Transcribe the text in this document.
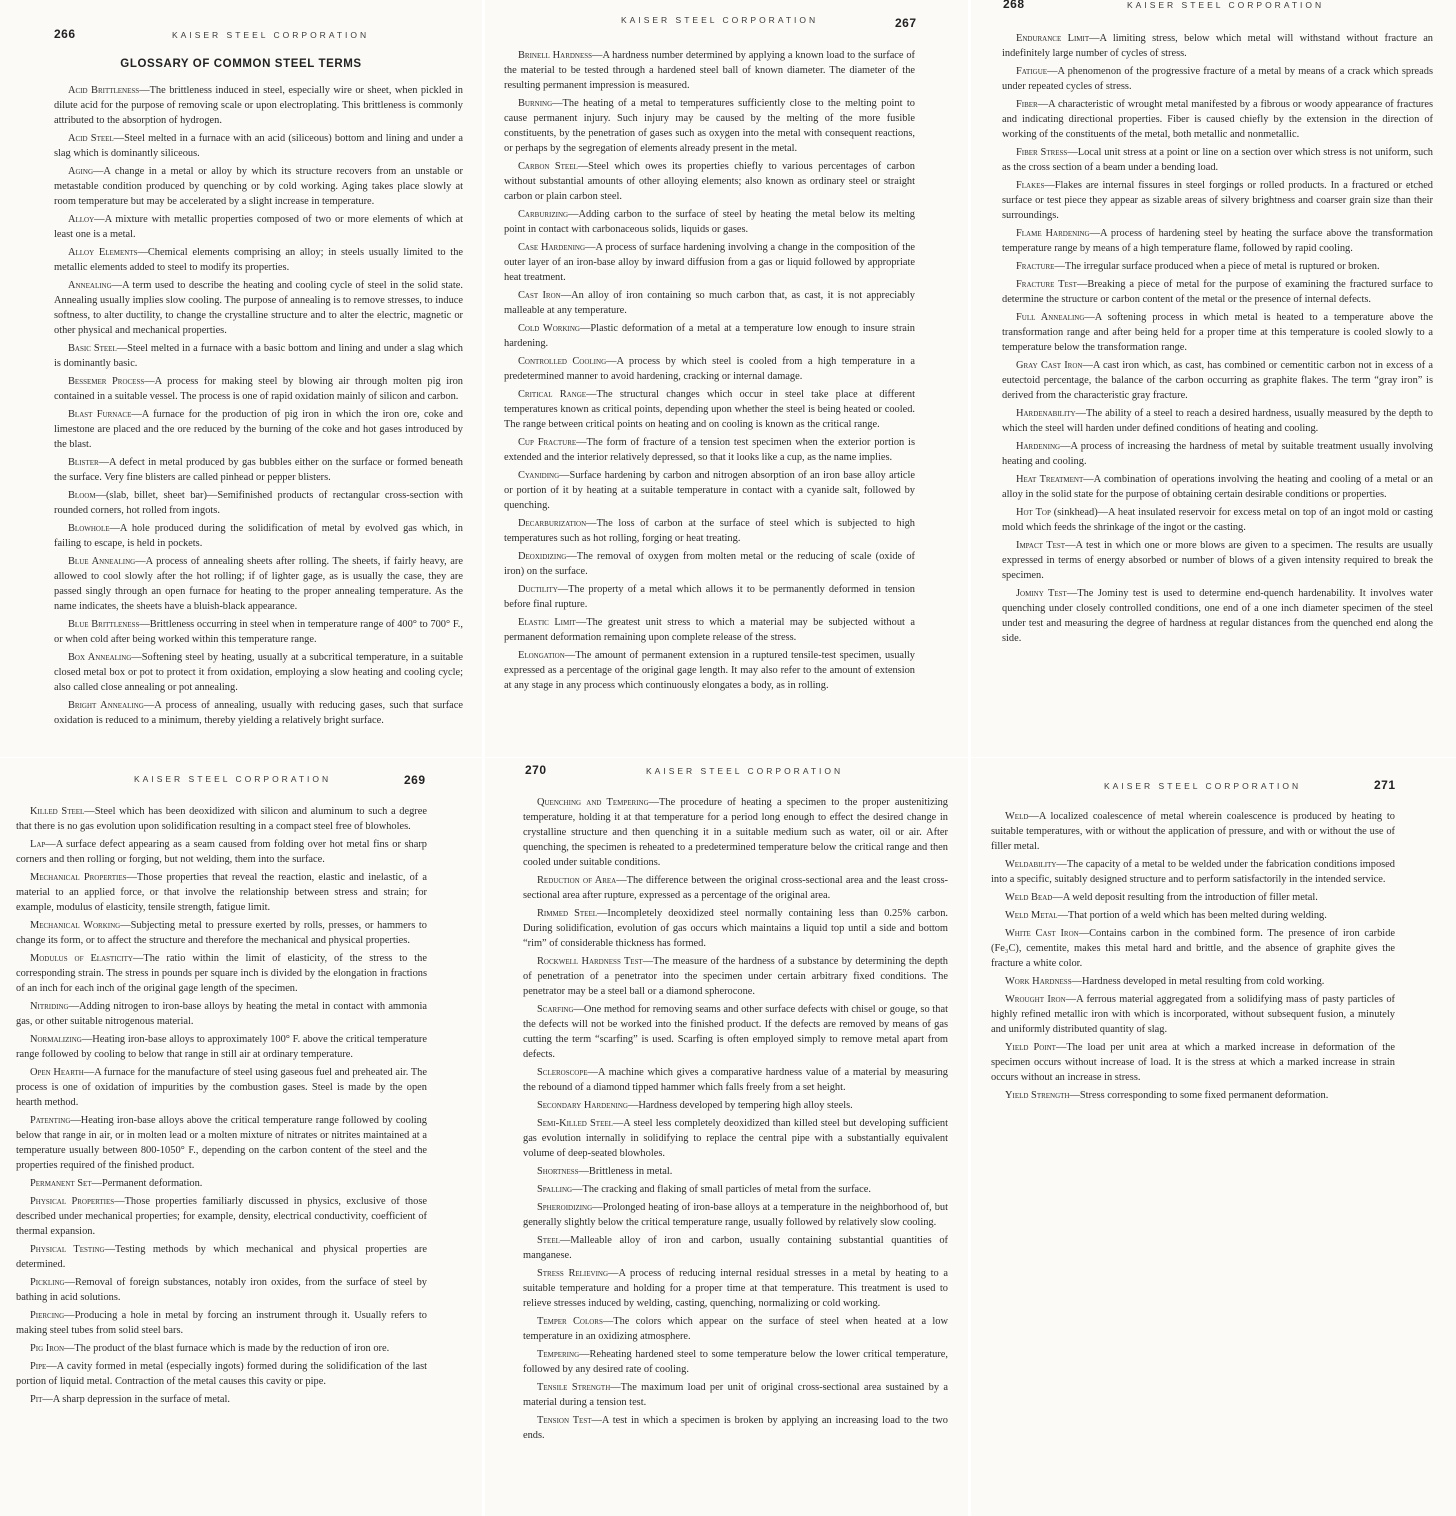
266	KAISER STEEL CORPORATION
GLOSSARY OF COMMON STEEL TERMS

Acid Brittleness—The brittleness induced in steel, especially wire or sheet, when pickled in dilute acid for the purpose of removing scale or upon electroplating. This brittleness is commonly attributed to the absorption of hydrogen.

Acid Steel—Steel melted in a furnace with an acid (siliceous) bottom and lining and under a slag which is dominantly siliceous.

Aging—A change in a metal or alloy by which its structure recovers from an unstable or metastable condition produced by quenching or by cold working. Aging takes place slowly at room temperature but may be accelerated by a slight increase in temperature.

Alloy—A mixture with metallic properties composed of two or more elements of which at least one is a metal.

Alloy Elements—Chemical elements comprising an alloy; in steels usually limited to the metallic elements added to steel to modify its properties.

Annealing—A term used to describe the heating and cooling cycle of steel in the solid state. Annealing usually implies slow cooling. The purpose of annealing is to remove stresses, to induce softness, to alter ductility, to change the crystalline structure and to alter the electric, magnetic or other physical and mechanical properties.

Basic Steel—Steel melted in a furnace with a basic bottom and lining and under a slag which is dominantly basic.

Bessemer Process—A process for making steel by blowing air through molten pig iron contained in a suitable vessel. The process is one of rapid oxidation mainly of silicon and carbon.

Blast Furnace—A furnace for the production of pig iron in which the iron ore, coke and limestone are placed and the ore reduced by the burning of the coke and hot gases introduced by the blast.

Blister—A defect in metal produced by gas bubbles either on the surface or formed beneath the surface. Very fine blisters are called pinhead or pepper blisters.

Bloom—(slab, billet, sheet bar)—Semifinished products of rectangular cross-section with rounded corners, hot rolled from ingots.

Blowhole—A hole produced during the solidification of metal by evolved gas which, in failing to escape, is held in pockets.

Blue Annealing—A process of annealing sheets after rolling. The sheets, if fairly heavy, are allowed to cool slowly after the hot rolling; if of lighter gage, as is usually the case, they are passed singly through an open furnace for heating to the proper annealing temperature. As the name indicates, the sheets have a bluish-black appearance.

Blue Brittleness—Brittleness occurring in steel when in temperature range of 400° to 700° F., or when cold after being worked within this temperature range.

Box Annealing—Softening steel by heating, usually at a subcritical temperature, in a suitable closed metal box or pot to protect it from oxidation, employing a slow heating and cooling cycle; also called close annealing or pot annealing.

Bright Annealing—A process of annealing, usually with reducing gases, such that surface oxidation is reduced to a minimum, thereby yielding a relatively bright surface.

KAISER STEEL CORPORATION	267

Brinell Hardness—A hardness number determined by applying a known load to the surface of the material to be tested through a hardened steel ball of known diameter. The diameter of the resulting permanent impression is measured.

Burning—The heating of a metal to temperatures sufficiently close to the melting point to cause permanent injury. Such injury may be caused by the melting of the more fusible constituents, by the penetration of gases such as oxygen into the metal with consequent reactions, or perhaps by the segregation of elements already present in the metal.

Carbon Steel—Steel which owes its properties chiefly to various percentages of carbon without substantial amounts of other alloying elements; also known as ordinary steel or straight carbon or plain carbon steel.

Carburizing—Adding carbon to the surface of steel by heating the metal below its melting point in contact with carbonaceous solids, liquids or gases.

Case Hardening—A process of surface hardening involving a change in the composition of the outer layer of an iron-base alloy by inward diffusion from a gas or liquid followed by appropriate heat treatment.

Cast Iron—An alloy of iron containing so much carbon that, as cast, it is not appreciably malleable at any temperature.

Cold Working—Plastic deformation of a metal at a temperature low enough to insure strain hardening.

Controlled Cooling—A process by which steel is cooled from a high temperature in a predetermined manner to avoid hardening, cracking or internal damage.

Critical Range—The structural changes which occur in steel take place at different temperatures known as critical points, depending upon whether the steel is being heated or cooled. The range between critical points on heating and on cooling is known as the critical range.

Cup Fracture—The form of fracture of a tension test specimen when the exterior portion is extended and the interior relatively depressed, so that it looks like a cup, as the name implies.

Cyaniding—Surface hardening by carbon and nitrogen absorption of an iron base alloy article or portion of it by heating at a suitable temperature in contact with a cyanide salt, followed by quenching.

Decarburization—The loss of carbon at the surface of steel which is subjected to high temperatures such as hot rolling, forging or heat treating.

Deoxidizing—The removal of oxygen from molten metal or the reducing of scale (oxide of iron) on the surface.

Ductility—The property of a metal which allows it to be permanently deformed in tension before final rupture.

Elastic Limit—The greatest unit stress to which a material may be subjected without a permanent deformation remaining upon complete release of the stress.

Elongation—The amount of permanent extension in a ruptured tensile-test specimen, usually expressed as a percentage of the original gage length. It may also refer to the amount of extension at any stage in any process which continuously elongates a body, as in rolling.

268	KAISER STEEL CORPORATION

Endurance Limit—A limiting stress, below which metal will withstand without fracture an indefinitely large number of cycles of stress.

Fatigue—A phenomenon of the progressive fracture of a metal by means of a crack which spreads under repeated cycles of stress.

Fiber—A characteristic of wrought metal manifested by a fibrous or woody appearance of fractures and indicating directional properties. Fiber is caused chiefly by the extension in the direction of working of the constituents of the metal, both metallic and nonmetallic.

Fiber Stress—Local unit stress at a point or line on a section over which stress is not uniform, such as the cross section of a beam under a bending load.

Flakes—Flakes are internal fissures in steel forgings or rolled products. In a fractured or etched surface or test piece they appear as sizable areas of silvery brightness and coarser grain size than their surroundings.

Flame Hardening—A process of hardening steel by heating the surface above the transformation temperature range by means of a high temperature flame, followed by rapid cooling.

Fracture—The irregular surface produced when a piece of metal is ruptured or broken.

Fracture Test—Breaking a piece of metal for the purpose of examining the fractured surface to determine the structure or carbon content of the metal or the presence of internal defects.

Full Annealing—A softening process in which metal is heated to a temperature above the transformation range and after being held for a proper time at this temperature is cooled slowly to a temperature below the transformation range.

Gray Cast Iron—A cast iron which, as cast, has combined or cementitic carbon not in excess of a eutectoid percentage, the balance of the carbon occurring as graphite flakes. The term “gray iron” is derived from the characteristic gray fracture.

Hardenability—The ability of a steel to reach a desired hardness, usually measured by the depth to which the steel will harden under defined conditions of heating and cooling.

Hardening—A process of increasing the hardness of metal by suitable treatment usually involving heating and cooling.

Heat Treatment—A combination of operations involving the heating and cooling of a metal or an alloy in the solid state for the purpose of obtaining certain desirable conditions or properties.

Hot Top (sinkhead)—A heat insulated reservoir for excess metal on top of an ingot mold or casting mold which feeds the shrinkage of the ingot or the casting.

Impact Test—A test in which one or more blows are given to a specimen. The results are usually expressed in terms of energy absorbed or number of blows of a given intensity required to break the specimen.

Jominy Test—The Jominy test is used to determine end-quench hardenability. It involves water quenching under closely controlled conditions, one end of a one inch diameter specimen of the steel under test and measuring the degree of hardness at regular distances from the quenched end along the side.

KAISER STEEL CORPORATION	269

Killed Steel—Steel which has been deoxidized with silicon and aluminum to such a degree that there is no gas evolution upon solidification resulting in a compact steel free of blowholes.

Lap—A surface defect appearing as a seam caused from folding over hot metal fins or sharp corners and then rolling or forging, but not welding, them into the surface.

Mechanical Properties—Those properties that reveal the reaction, elastic and inelastic, of a material to an applied force, or that involve the relationship between stress and strain; for example, modulus of elasticity, tensile strength, fatigue limit.

Mechanical Working—Subjecting metal to pressure exerted by rolls, presses, or hammers to change its form, or to affect the structure and therefore the mechanical and physical properties.

Modulus of Elasticity—The ratio within the limit of elasticity, of the stress to the corresponding strain. The stress in pounds per square inch is divided by the elongation in fractions of an inch for each inch of the original gage length of the specimen.

Nitriding—Adding nitrogen to iron-base alloys by heating the metal in contact with ammonia gas, or other suitable nitrogenous material.

Normalizing—Heating iron-base alloys to approximately 100° F. above the critical temperature range followed by cooling to below that range in still air at ordinary temperature.

Open Hearth—A furnace for the manufacture of steel using gaseous fuel and preheated air. The process is one of oxidation of impurities by the combustion gases. Steel is made by the open hearth method.

Patenting—Heating iron-base alloys above the critical temperature range followed by cooling below that range in air, or in molten lead or a molten mixture of nitrates or nitrites maintained at a temperature usually between 800-1050° F., depending on the carbon content of the steel and the properties required of the finished product.

Permanent Set—Permanent deformation.

Physical Properties—Those properties familiarly discussed in physics, exclusive of those described under mechanical properties; for example, density, electrical conductivity, coefficient of thermal expansion.

Physical Testing—Testing methods by which mechanical and physical properties are determined.

Pickling—Removal of foreign substances, notably iron oxides, from the surface of steel by bathing in acid solutions.

Piercing—Producing a hole in metal by forcing an instrument through it. Usually refers to making steel tubes from solid steel bars.

Pig Iron—The product of the blast furnace which is made by the reduction of iron ore.

Pipe—A cavity formed in metal (especially ingots) formed during the solidification of the last portion of liquid metal. Contraction of the metal causes this cavity or pipe.

Pit—A sharp depression in the surface of metal.

270	KAISER STEEL CORPORATION

Quenching and Tempering—The procedure of heating a specimen to the proper austenitizing temperature, holding it at that temperature for a period long enough to effect the desired change in crystalline structure and then quenching it in a suitable medium such as water, oil or air. After quenching, the specimen is reheated to a predetermined temperature below the critical range and then cooled under suitable conditions.

Reduction of Area—The difference between the original cross-sectional area and the least cross-sectional area after rupture, expressed as a percentage of the original area.

Rimmed Steel—Incompletely deoxidized steel normally containing less than 0.25% carbon. During solidification, evolution of gas occurs which maintains a liquid top until a side and bottom “rim” of considerable thickness has formed.

Rockwell Hardness Test—The measure of the hardness of a substance by determining the depth of penetration of a penetrator into the specimen under certain arbitrary fixed conditions. The penetrator may be a steel ball or a diamond spherocone.

Scarfing—One method for removing seams and other surface defects with chisel or gouge, so that the defects will not be worked into the finished product. If the defects are removed by means of gas cutting the term “scarfing” is used. Scarfing is often employed simply to remove metal apart from defects.

Scleroscope—A machine which gives a comparative hardness value of a material by measuring the rebound of a diamond tipped hammer which falls freely from a set height.

Secondary Hardening—Hardness developed by tempering high alloy steels.

Semi-Killed Steel—A steel less completely deoxidized than killed steel but developing sufficient gas evolution internally in solidifying to replace the central pipe with a substantially equivalent volume of deep-seated blowholes.

Shortness—Brittleness in metal.

Spalling—The cracking and flaking of small particles of metal from the surface.

Spheroidizing—Prolonged heating of iron-base alloys at a temperature in the neighborhood of, but generally slightly below the critical temperature range, usually followed by relatively slow cooling.

Steel—Malleable alloy of iron and carbon, usually containing substantial quantities of manganese.

Stress Relieving—A process of reducing internal residual stresses in a metal by heating to a suitable temperature and holding for a proper time at that temperature. This treatment is used to relieve stresses induced by welding, casting, quenching, normalizing or cold working.

Temper Colors—The colors which appear on the surface of steel when heated at a low temperature in an oxidizing atmosphere.

Tempering—Reheating hardened steel to some temperature below the lower critical temperature, followed by any desired rate of cooling.

Tensile Strength—The maximum load per unit of original cross-sectional area sustained by a material during a tension test.

Tension Test—A test in which a specimen is broken by applying an increasing load to the two ends.

KAISER STEEL CORPORATION	271

Weld—A localized coalescence of metal wherein coalescence is produced by heating to suitable temperatures, with or without the application of pressure, and with or without the use of filler metal.

Weldability—The capacity of a metal to be welded under the fabrication conditions imposed into a specific, suitably designed structure and to perform satisfactorily in the intended service.

Weld Bead—A weld deposit resulting from the introduction of filler metal.

Weld Metal—That portion of a weld which has been melted during welding.

White Cast Iron—Contains carbon in the combined form. The presence of iron carbide (Fe₃C), cementite, makes this metal hard and brittle, and the absence of graphite gives the fracture a white color.

Work Hardness—Hardness developed in metal resulting from cold working.

Wrought Iron—A ferrous material aggregated from a solidifying mass of pasty particles of highly refined metallic iron with which is incorporated, without subsequent fusion, a minutely and uniformly distributed quantity of slag.

Yield Point—The load per unit area at which a marked increase in deformation of the specimen occurs without increase of load. It is the stress at which a marked increase in strain occurs without an increase in stress.

Yield Strength—Stress corresponding to some fixed permanent deformation.
